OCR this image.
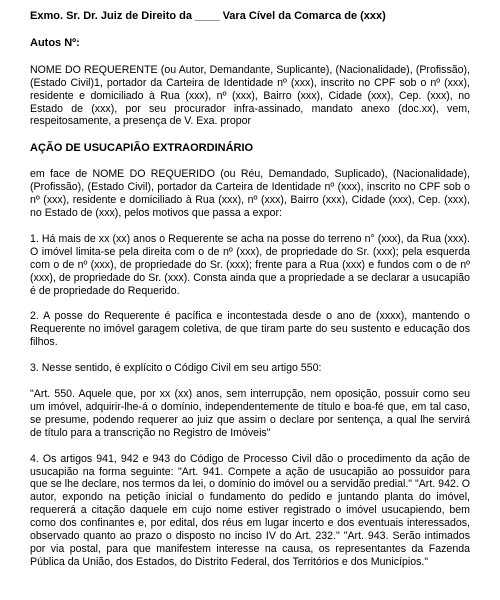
Exmo. Sr. Dr. Juiz de Direito da ____ Vara Cível da Comarca de (xxx)

Autos Nº:

NOME DO REQUERENTE (ou Autor, Demandante, Suplicante), (Nacionalidade), (Profissão), (Estado Civil)1, portador da Carteira de Identidade nº (xxx), inscrito no CPF sob o nº (xxx), residente e domiciliado à Rua (xxx), nº (xxx), Bairro (xxx), Cidade (xxx), Cep. (xxx), no Estado de (xxx), por seu procurador infra-assinado, mandato anexo (doc.xx), vem, respeitosamente, a presença de V. Exa. propor

AÇÃO DE USUCAPIÃO EXTRAORDINÁRIO

em face de NOME DO REQUERIDO (ou Réu, Demandado, Suplicado), (Nacionalidade), (Profissão), (Estado Civil), portador da Carteira de Identidade nº (xxx), inscrito no CPF sob o nº (xxx), residente e domiciliado à Rua (xxx), nº (xxx), Bairro (xxx), Cidade (xxx), Cep. (xxx), no Estado de (xxx), pelos motivos que passa a expor:

1. Há mais de xx (xx) anos o Requerente se acha na posse do terreno n° (xxx), da Rua (xxx). O imóvel limita-se pela direita com o de nº (xxx), de propriedade do Sr. (xxx); pela esquerda com o de nº (xxx), de propriedade do Sr. (xxx); frente para a Rua (xxx) e fundos com o de nº (xxx), de propriedade do Sr. (xxx). Consta ainda que a propriedade a se declarar a usucapião é de propriedade do Requerido.

2. A posse do Requerente é pacífica e incontestada desde o ano de (xxxx), mantendo o Requerente no imóvel garagem coletiva, de que tiram parte do seu sustento e educação dos filhos.

3. Nesse sentido, é explícito o Código Civil em seu artigo 550:

"Art. 550. Aquele que, por xx (xx) anos, sem interrupção, nem oposição, possuir como seu um imóvel, adquirir-lhe-á o domínio, independentemente de título e boa-fé que, em tal caso, se presume, podendo requerer ao juiz que assim o declare por sentença, a qual lhe servirá de título para a transcrição no Registro de Imóveis"

4. Os artigos 941, 942 e 943 do Código de Processo Civil dão o procedimento da ação de usucapião na forma seguinte: "Art. 941. Compete a ação de usucapião ao possuidor para que se lhe declare, nos termos da lei, o domínio do imóvel ou a servidão predial." "Art. 942. O autor, expondo na petição inicial o fundamento do pedido e juntando planta do imóvel, requererá a citação daquele em cujo nome estiver registrado o imóvel usucapiendo, bem como dos confinantes e, por edital, dos réus em lugar incerto e dos eventuais interessados, observado quanto ao prazo o disposto no inciso IV do Art. 232." "Art. 943. Serão intimados por via postal, para que manifestem interesse na causa, os representantes da Fazenda Pública da União, dos Estados, do Distrito Federal, dos Territórios e dos Municípios."
